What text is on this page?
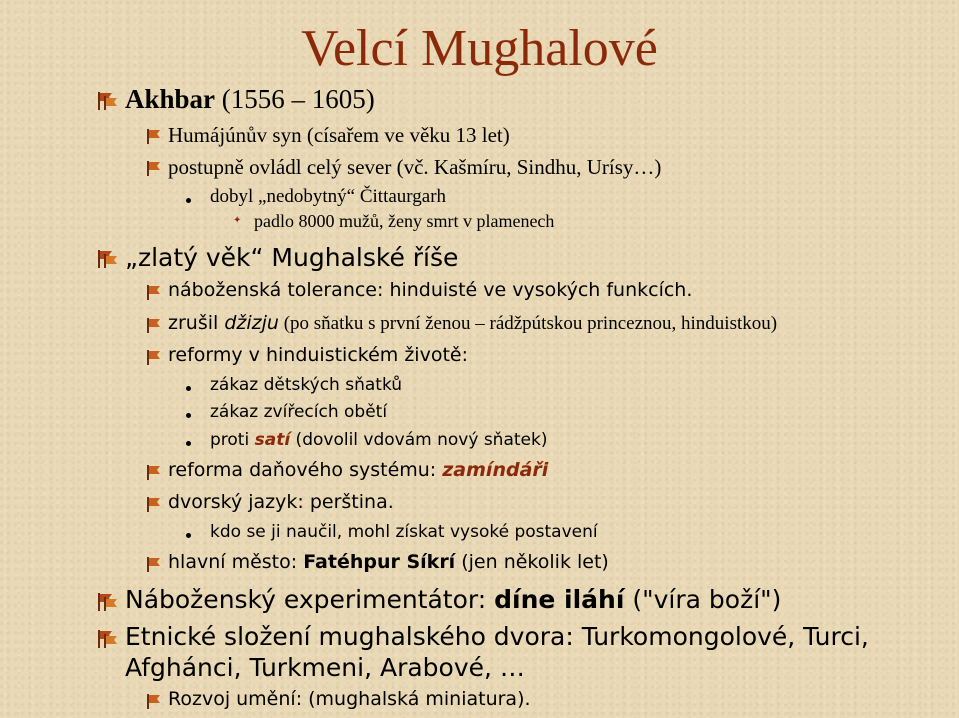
Velcí Mughalové
Akhbar (1556 – 1605)
Humájúnův syn (císařem ve věku 13 let)
postupně ovládl celý sever (vč. Kašmíru, Sindhu, Urísy…)
dobyl „nedobytný“ Čittaurgarh
✦ padlo 8000 mužů, ženy smrt v plamenech
„zlatý věk“ Mughalské říše
náboženská tolerance: hinduisté ve vysokých funkcích.
zrušil džizju (po sňatku s první ženou – rádžpútskou princeznou, hinduistkou)
reformy v hinduistickém životě:
zákaz dětských sňatků
zákaz zvířecích obětí
proti satí (dovolil vdovám nový sňatek)
reforma daňového systému: zamíndáři
dvorský jazyk: perština.
kdo se ji naučil, mohl získat vysoké postavení
hlavní město: Fatéhpur Síkrí (jen několik let)
Náboženský experimentátor: díne iláhí ("víra boží")
Etnické složení mughalského dvora: Turkomongolové, Turci,
Afghánci, Turkmeni, Arabové, …
Rozvoj umění: (mughalská miniatura).
